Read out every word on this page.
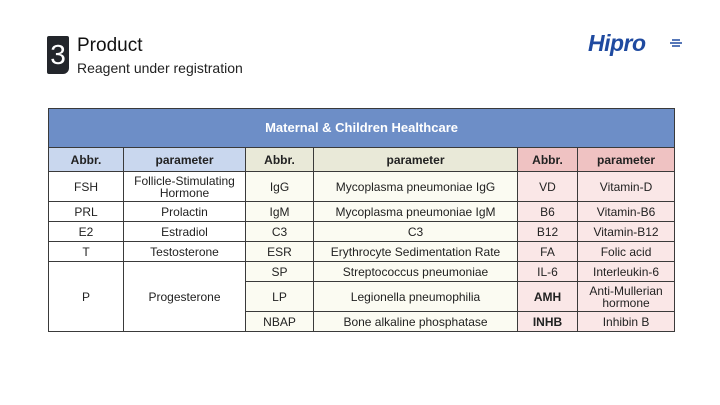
3 Product
Reagent under registration
Hipro
Maternal & Children Healthcare					
Abbr.	parameter	Abbr.	parameter	Abbr.	parameter
FSH	Follicle-Stimulating Hormone	IgG	Mycoplasma pneumoniae IgG	VD	Vitamin-D
PRL	Prolactin	IgM	Mycoplasma pneumoniae IgM	B6	Vitamin-B6
E2	Estradiol	C3	C3	B12	Vitamin-B12
T	Testosterone	ESR	Erythrocyte Sedimentation Rate	FA	Folic acid
P	Progesterone	SP	Streptococcus pneumoniae	IL-6	Interleukin-6
		LP	Legionella pneumophilia	AMH	Anti-Mullerian hormone
		NBAP	Bone alkaline phosphatase	INHB	Inhibin B
